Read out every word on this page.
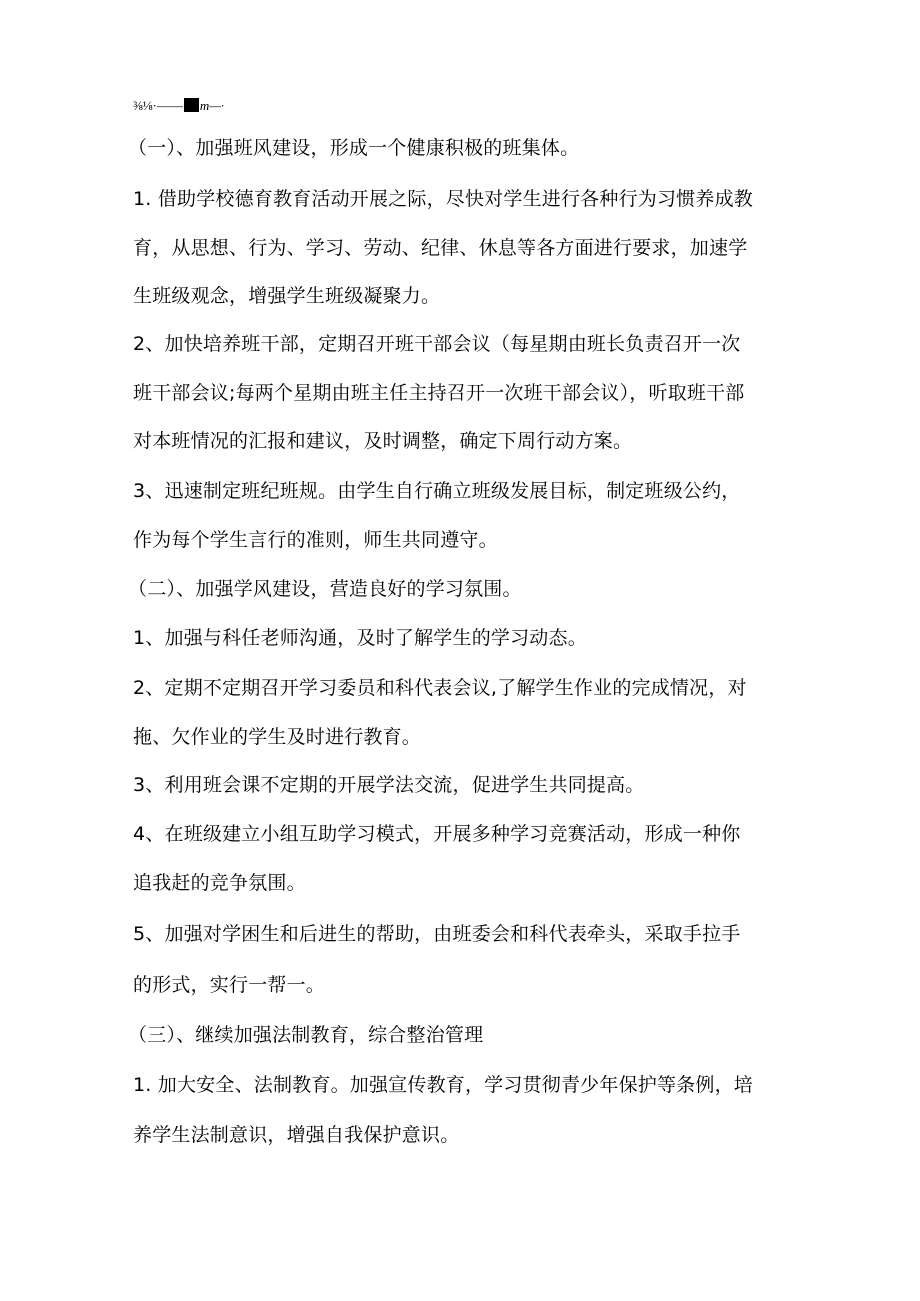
⅜⅛·—— m—·
（一）、加强班风建设，形成一个健康积极的班集体。
1. 借助学校德育教育活动开展之际，尽快对学生进行各种行为习惯养成教
育，从思想、行为、学习、劳动、纪律、休息等各方面进行要求，加速学
生班级观念，增强学生班级凝聚力。
2、加快培养班干部，定期召开班干部会议（每星期由班长负责召开一次
班干部会议;每两个星期由班主任主持召开一次班干部会议），听取班干部
对本班情况的汇报和建议，及时调整，确定下周行动方案。
3、迅速制定班纪班规。由学生自行确立班级发展目标，制定班级公约，
作为每个学生言行的准则，师生共同遵守。
（二）、加强学风建设，营造良好的学习氛围。
1、加强与科任老师沟通，及时了解学生的学习动态。
2、定期不定期召开学习委员和科代表会议,了解学生作业的完成情况，对
拖、欠作业的学生及时进行教育。
3、利用班会课不定期的开展学法交流，促进学生共同提高。
4、在班级建立小组互助学习模式，开展多种学习竞赛活动，形成一种你
追我赶的竞争氛围。
5、加强对学困生和后进生的帮助，由班委会和科代表牵头，采取手拉手
的形式，实行一帮一。
（三）、继续加强法制教育，综合整治管理
1. 加大安全、法制教育。加强宣传教育，学习贯彻青少年保护等条例，培
养学生法制意识，增强自我保护意识。
